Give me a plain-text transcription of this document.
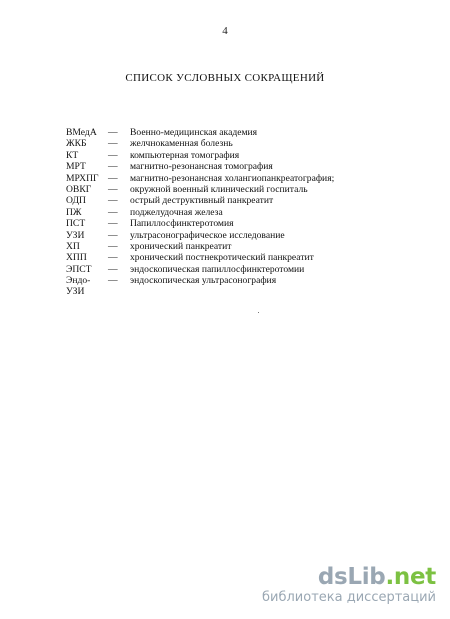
4
СПИСОК УСЛОВНЫХ СОКРАЩЕНИЙ
ВМедА	—	Военно-медицинская академия
ЖКБ	—	желчнокаменная болезнь
КТ	—	компьютерная томография
МРТ	—	магнитно-резонансная томография
МРХПГ —	магнитно-резонансная холангиопанкреатография;
ОВКГ	—	окружной военный клинический госпиталь
ОДП	—	острый деструктивный панкреатит
ПЖ	—	поджелудочная железа
ПСТ	—	Папиллосфинктеротомия
УЗИ	—	ультрасонографическое исследование
ХП	—	хронический панкреатит
ХПП	—	хронический постнекротический панкреатит
ЭПСТ	—	эндоскопическая папиллосфинктеротомии
Эндо-	—	эндоскопическая ультрасонография
УЗИ
dsLib.net
библиотека диссертаций
